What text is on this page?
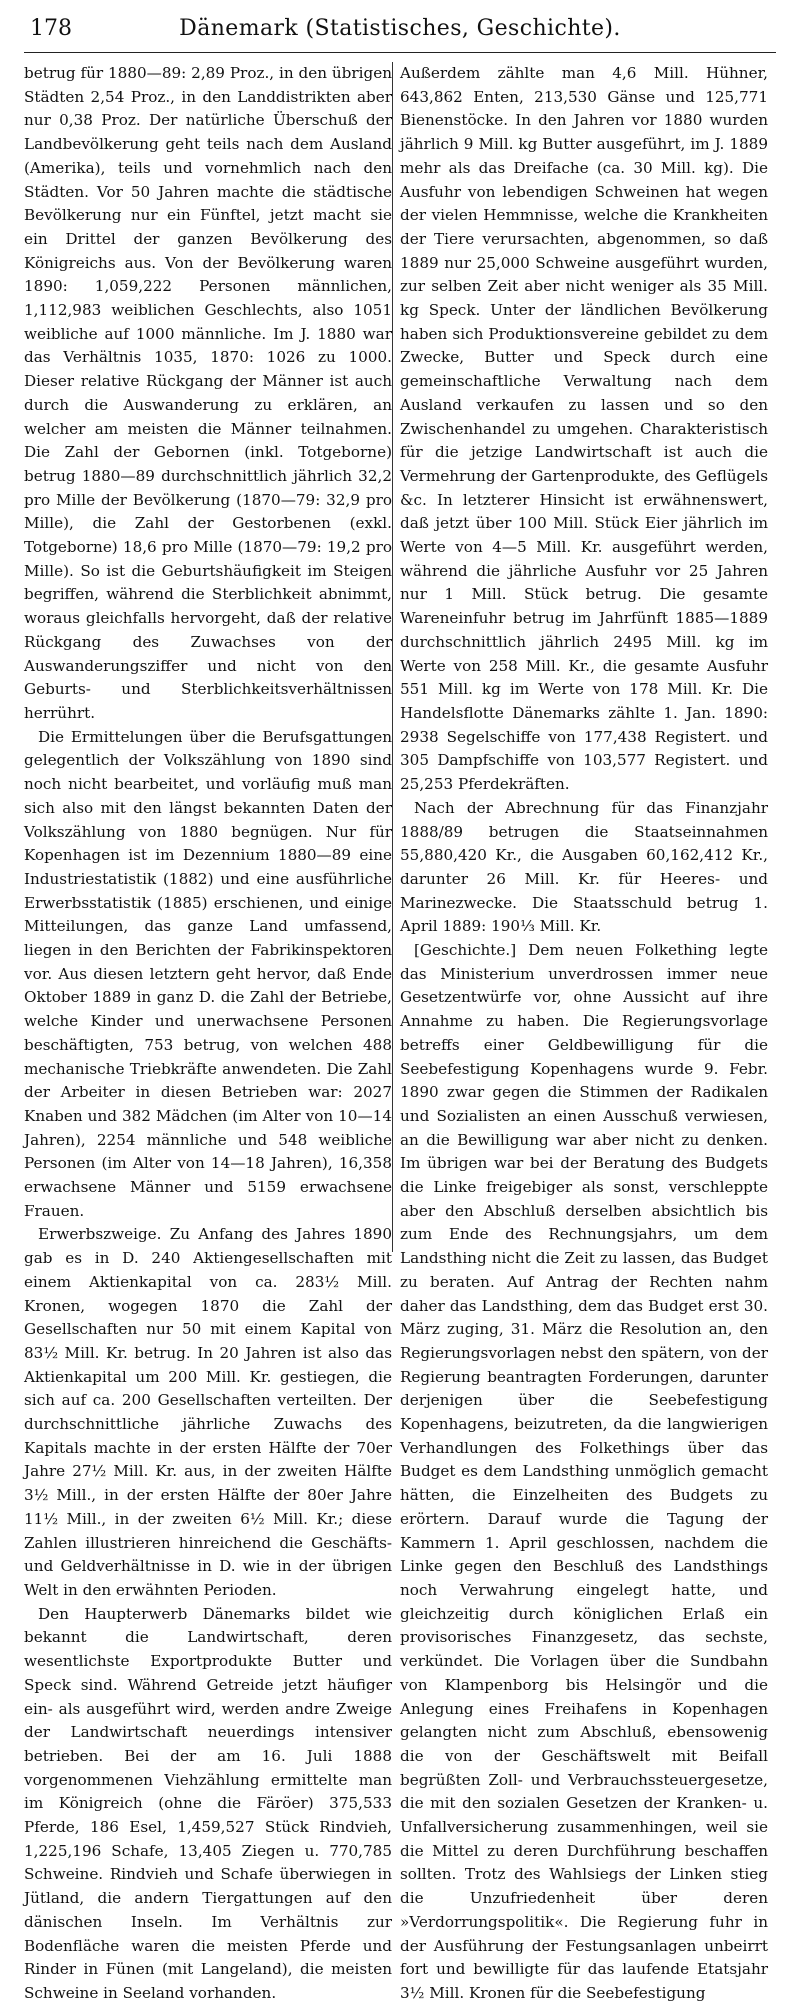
178	Dänemark (Statistisches, Geschichte).

betrug für 1880—89: 2,89 Proz., in den übrigen Städten 2,54 Proz., in den Landdistrikten aber nur 0,38 Proz. Der natürliche Überschuß der Landbevölkerung geht teils nach dem Ausland (Amerika), teils und vornehmlich nach den Städten. Vor 50 Jahren machte die städtische Bevölkerung nur ein Fünftel, jetzt macht sie ein Drittel der ganzen Bevölkerung des Königreichs aus. Von der Bevölkerung waren 1890: 1,059,222 Personen männlichen, 1,112,983 weiblichen Geschlechts, also 1051 weibliche auf 1000 männliche. Im J. 1880 war das Verhältnis 1035, 1870: 1026 zu 1000. Dieser relative Rückgang der Männer ist auch durch die Auswanderung zu erklären, an welcher am meisten die Männer teilnahmen. Die Zahl der Gebornen (inkl. Totgeborne) betrug 1880—89 durchschnittlich jährlich 32,2 pro Mille der Bevölkerung (1870—79: 32,9 pro Mille), die Zahl der Gestorbenen (exkl. Totgeborne) 18,6 pro Mille (1870—79: 19,2 pro Mille). So ist die Geburtshäufigkeit im Steigen begriffen, während die Sterblichkeit abnimmt, woraus gleichfalls hervorgeht, daß der relative Rückgang des Zuwachses von der Auswanderungsziffer und nicht von den Geburts- und Sterblichkeitsverhältnissen herrührt.

Die Ermittelungen über die Berufsgattungen gelegentlich der Volkszählung von 1890 sind noch nicht bearbeitet, und vorläufig muß man sich also mit den längst bekannten Daten der Volkszählung von 1880 begnügen. Nur für Kopenhagen ist im Dezennium 1880—89 eine Industriestatistik (1882) und eine ausführliche Erwerbsstatistik (1885) erschienen, und einige Mitteilungen, das ganze Land umfassend, liegen in den Berichten der Fabrikinspektoren vor. Aus diesen letztern geht hervor, daß Ende Oktober 1889 in ganz D. die Zahl der Betriebe, welche Kinder und unerwachsene Personen beschäftigten, 753 betrug, von welchen 488 mechanische Triebkräfte anwendeten. Die Zahl der Arbeiter in diesen Betrieben war: 2027 Knaben und 382 Mädchen (im Alter von 10—14 Jahren), 2254 männliche und 548 weibliche Personen (im Alter von 14—18 Jahren), 16,358 erwachsene Männer und 5159 erwachsene Frauen.

Erwerbszweige. Zu Anfang des Jahres 1890 gab es in D. 240 Aktiengesellschaften mit einem Aktienkapital von ca. 283½ Mill. Kronen, wogegen 1870 die Zahl der Gesellschaften nur 50 mit einem Kapital von 83½ Mill. Kr. betrug. In 20 Jahren ist also das Aktienkapital um 200 Mill. Kr. gestiegen, die sich auf ca. 200 Gesellschaften verteilten. Der durchschnittliche jährliche Zuwachs des Kapitals machte in der ersten Hälfte der 70er Jahre 27½ Mill. Kr. aus, in der zweiten Hälfte 3½ Mill., in der ersten Hälfte der 80er Jahre 11½ Mill., in der zweiten 6½ Mill. Kr.; diese Zahlen illustrieren hinreichend die Geschäfts- und Geldverhältnisse in D. wie in der übrigen Welt in den erwähnten Perioden.

Den Haupterwerb Dänemarks bildet wie bekannt die Landwirtschaft, deren wesentlichste Exportprodukte Butter und Speck sind. Während Getreide jetzt häufiger ein- als ausgeführt wird, werden andre Zweige der Landwirtschaft neuerdings intensiver betrieben. Bei der am 16. Juli 1888 vorgenommenen Viehzählung ermittelte man im Königreich (ohne die Färöer) 375,533 Pferde, 186 Esel, 1,459,527 Stück Rindvieh, 1,225,196 Schafe, 13,405 Ziegen u. 770,785 Schweine. Rindvieh und Schafe überwiegen in Jütland, die andern Tiergattungen auf den dänischen Inseln. Im Verhältnis zur Bodenfläche waren die meisten Pferde und Rinder in Fünen (mit Langeland), die meisten Schweine in Seeland vorhanden.

Außerdem zählte man 4,6 Mill. Hühner, 643,862 Enten, 213,530 Gänse und 125,771 Bienenstöcke. In den Jahren vor 1880 wurden jährlich 9 Mill. kg Butter ausgeführt, im J. 1889 mehr als das Dreifache (ca. 30 Mill. kg). Die Ausfuhr von lebendigen Schweinen hat wegen der vielen Hemmnisse, welche die Krankheiten der Tiere verursachten, abgenommen, so daß 1889 nur 25,000 Schweine ausgeführt wurden, zur selben Zeit aber nicht weniger als 35 Mill. kg Speck. Unter der ländlichen Bevölkerung haben sich Produktionsvereine gebildet zu dem Zwecke, Butter und Speck durch eine gemeinschaftliche Verwaltung nach dem Ausland verkaufen zu lassen und so den Zwischenhandel zu umgehen. Charakteristisch für die jetzige Landwirtschaft ist auch die Vermehrung der Gartenprodukte, des Geflügels &c. In letzterer Hinsicht ist erwähnenswert, daß jetzt über 100 Mill. Stück Eier jährlich im Werte von 4—5 Mill. Kr. ausgeführt werden, während die jährliche Ausfuhr vor 25 Jahren nur 1 Mill. Stück betrug. Die gesamte Wareneinfuhr betrug im Jahrfünft 1885—1889 durchschnittlich jährlich 2495 Mill. kg im Werte von 258 Mill. Kr., die gesamte Ausfuhr 551 Mill. kg im Werte von 178 Mill. Kr. Die Handelsflotte Dänemarks zählte 1. Jan. 1890: 2938 Segelschiffe von 177,438 Registert. und 305 Dampfschiffe von 103,577 Registert. und 25,253 Pferdekräften.

Nach der Abrechnung für das Finanzjahr 1888/89 betrugen die Staatseinnahmen 55,880,420 Kr., die Ausgaben 60,162,412 Kr., darunter 26 Mill. Kr. für Heeres- und Marinezwecke. Die Staatsschuld betrug 1. April 1889: 190⅓ Mill. Kr.

[Geschichte.] Dem neuen Folkething legte das Ministerium unverdrossen immer neue Gesetzentwürfe vor, ohne Aussicht auf ihre Annahme zu haben. Die Regierungsvorlage betreffs einer Geldbewilligung für die Seebefestigung Kopenhagens wurde 9. Febr. 1890 zwar gegen die Stimmen der Radikalen und Sozialisten an einen Ausschuß verwiesen, an die Bewilligung war aber nicht zu denken. Im übrigen war bei der Beratung des Budgets die Linke freigebiger als sonst, verschleppte aber den Abschluß derselben absichtlich bis zum Ende des Rechnungsjahrs, um dem Landsthing nicht die Zeit zu lassen, das Budget zu beraten. Auf Antrag der Rechten nahm daher das Landsthing, dem das Budget erst 30. März zuging, 31. März die Resolution an, den Regierungsvorlagen nebst den spätern, von der Regierung beantragten Forderungen, darunter derjenigen über die Seebefestigung Kopenhagens, beizutreten, da die langwierigen Verhandlungen des Folkethings über das Budget es dem Landsthing unmöglich gemacht hätten, die Einzelheiten des Budgets zu erörtern. Darauf wurde die Tagung der Kammern 1. April geschlossen, nachdem die Linke gegen den Beschluß des Landsthings noch Verwahrung eingelegt hatte, und gleichzeitig durch königlichen Erlaß ein provisorisches Finanzgesetz, das sechste, verkündet. Die Vorlagen über die Sundbahn von Klampenborg bis Helsingör und die Anlegung eines Freihafens in Kopenhagen gelangten nicht zum Abschluß, ebensowenig die von der Geschäftswelt mit Beifall begrüßten Zoll- und Verbrauchssteuergesetze, die mit den sozialen Gesetzen der Kranken- u. Unfallversicherung zusammenhingen, weil sie die Mittel zu deren Durchführung beschaffen sollten. Trotz des Wahlsiegs der Linken stieg die Unzufriedenheit über deren »Verdorrungspolitik«. Die Regierung fuhr in der Ausführung der Festungsanlagen unbeirrt fort und bewilligte für das laufende Etatsjahr 3½ Mill. Kronen für die Seebefestigung
